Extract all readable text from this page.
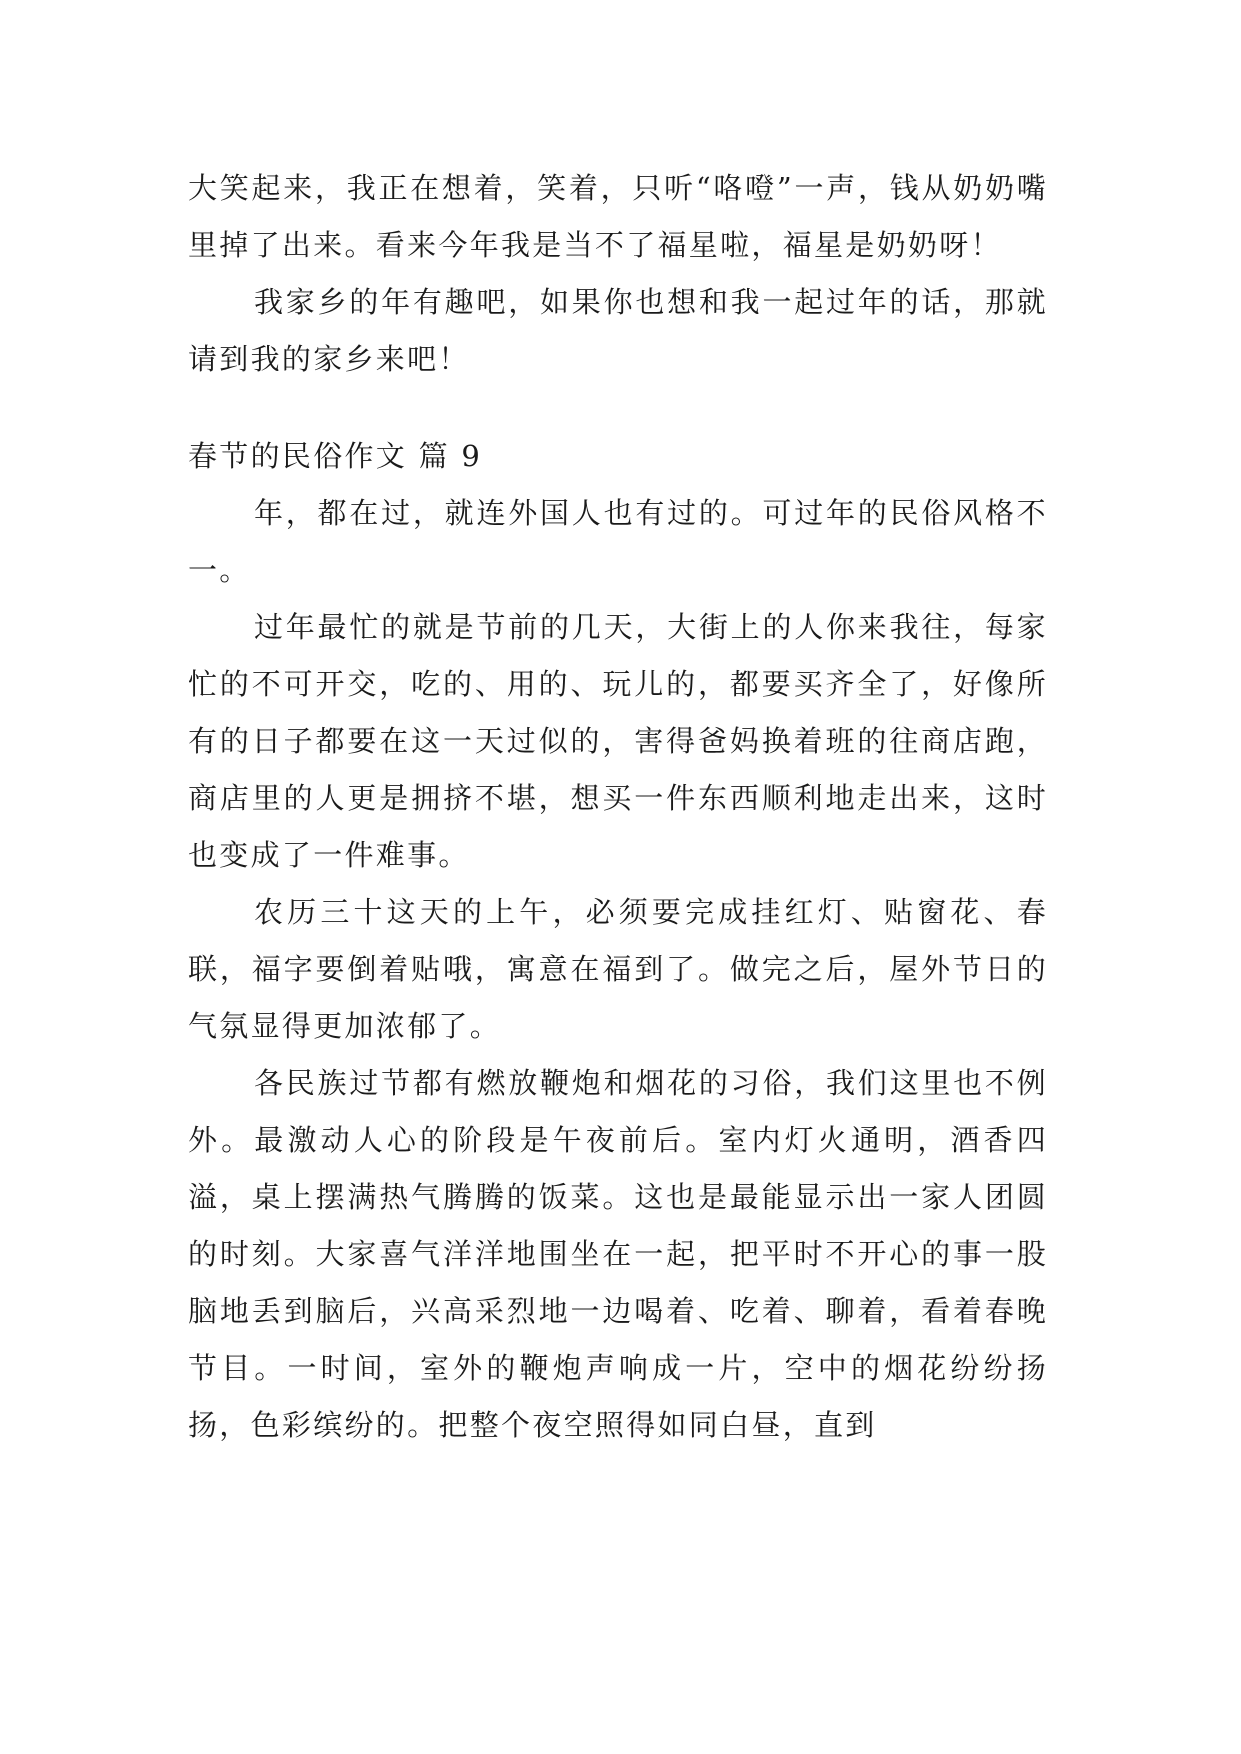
大笑起来，我正在想着，笑着，只听“咯噔”一声，钱从奶奶嘴里掉了出来。看来今年我是当不了福星啦，福星是奶奶呀！

我家乡的年有趣吧，如果你也想和我一起过年的话，那就请到我的家乡来吧！

春节的民俗作文 篇 9

年，都在过，就连外国人也有过的。可过年的民俗风格不一。

过年最忙的就是节前的几天，大街上的人你来我往，每家忙的不可开交，吃的、用的、玩儿的，都要买齐全了，好像所有的日子都要在这一天过似的，害得爸妈换着班的往商店跑，商店里的人更是拥挤不堪，想买一件东西顺利地走出来，这时也变成了一件难事。

农历三十这天的上午，必须要完成挂红灯、贴窗花、春联，福字要倒着贴哦，寓意在福到了。做完之后，屋外节日的气氛显得更加浓郁了。

各民族过节都有燃放鞭炮和烟花的习俗，我们这里也不例外。最激动人心的阶段是午夜前后。室内灯火通明，酒香四溢，桌上摆满热气腾腾的饭菜。这也是最能显示出一家人团圆的时刻。大家喜气洋洋地围坐在一起，把平时不开心的事一股脑地丢到脑后，兴高采烈地一边喝着、吃着、聊着，看着春晚节目。一时间，室外的鞭炮声响成一片，空中的烟花纷纷扬扬，色彩缤纷的。把整个夜空照得如同白昼，直到
